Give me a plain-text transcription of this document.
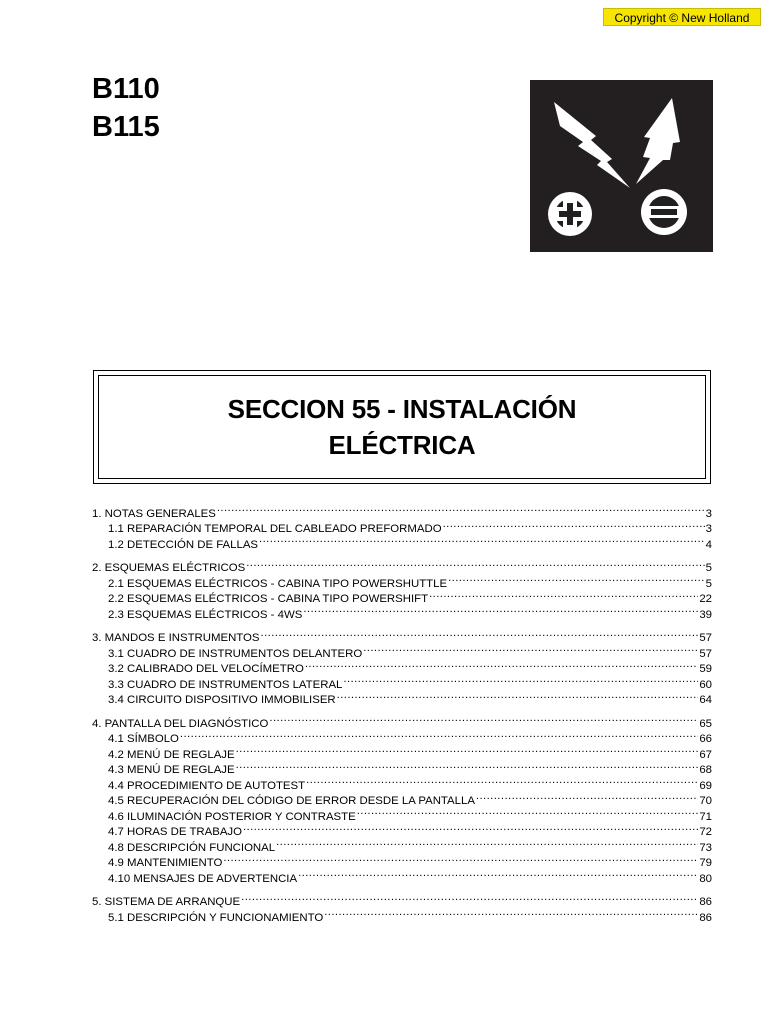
Copyright © New Holland
B110
B115
SECCION 55 - INSTALACIÓN
ELÉCTRICA
1. NOTAS GENERALES .....	3
1.1 REPARACIÓN TEMPORAL DEL CABLEADO PREFORMADO .....	3
1.2 DETECCIÓN DE FALLAS .....	4
2. ESQUEMAS ELÉCTRICOS .....	5
2.1 ESQUEMAS ELÉCTRICOS - CABINA TIPO POWERSHUTTLE .....	5
2.2 ESQUEMAS ELÉCTRICOS - CABINA TIPO POWERSHIFT .....	22
2.3 ESQUEMAS ELÉCTRICOS - 4WS .....	39
3. MANDOS E INSTRUMENTOS .....	57
3.1 CUADRO DE INSTRUMENTOS DELANTERO .....	57
3.2 CALIBRADO DEL VELOCÍMETRO .....	59
3.3 CUADRO DE INSTRUMENTOS LATERAL .....	60
3.4 CIRCUITO DISPOSITIVO IMMOBILISER .....	64
4. PANTALLA DEL DIAGNÓSTICO .....	65
4.1 SÍMBOLO .....	66
4.2 MENÚ DE REGLAJE .....	67
4.3 MENÚ DE REGLAJE .....	68
4.4 PROCEDIMIENTO DE AUTOTEST .....	69
4.5 RECUPERACIÓN DEL CÓDIGO DE ERROR DESDE LA PANTALLA .....	70
4.6 ILUMINACIÓN POSTERIOR Y CONTRASTE .....	71
4.7 HORAS DE TRABAJO .....	72
4.8 DESCRIPCIÓN FUNCIONAL .....	73
4.9 MANTENIMIENTO .....	79
4.10 MENSAJES DE ADVERTENCIA .....	80
5. SISTEMA DE ARRANQUE .....	86
5.1 DESCRIPCIÓN Y FUNCIONAMIENTO .....	86
